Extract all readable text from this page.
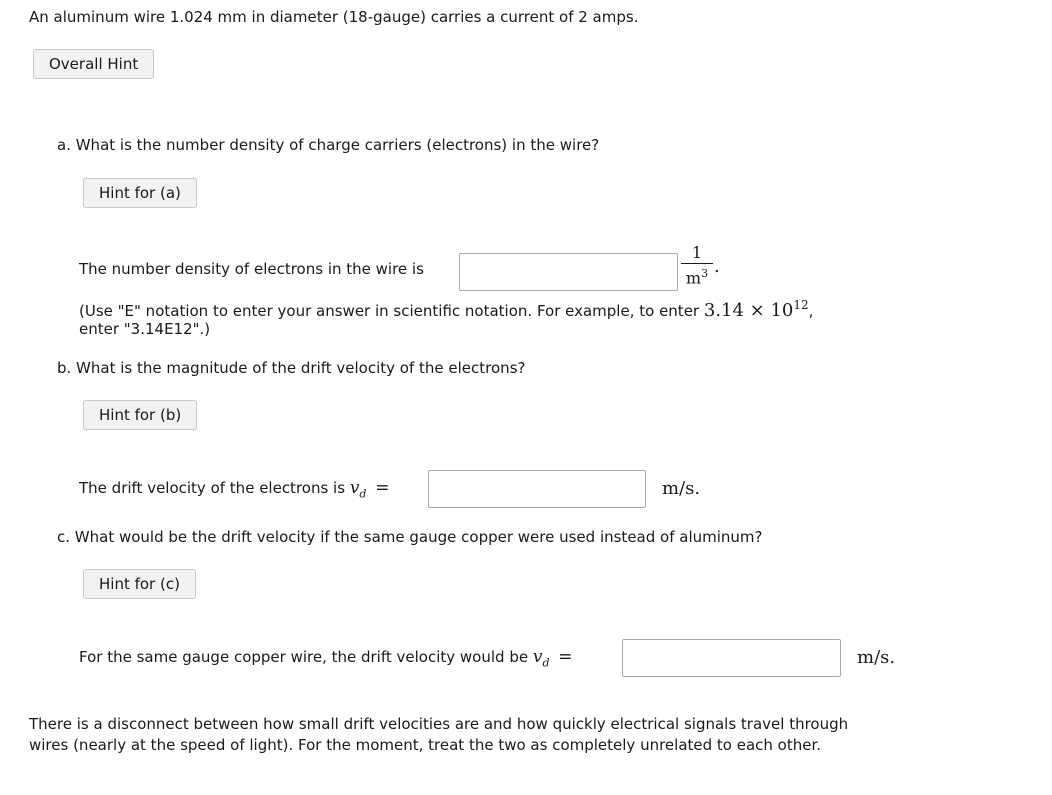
An aluminum wire 1.024 mm in diameter (18-gauge) carries a current of 2 amps.
Overall Hint
a. What is the number density of charge carriers (electrons) in the wire?
Hint for (a)
The number density of electrons in the wire is
1
$m^3$ .
(Use "E" notation to enter your answer in scientific notation. For example, to enter $3.14 \times 10^{12}$,
enter "3.14E12".)
b. What is the magnitude of the drift velocity of the electrons?
Hint for (b)
The drift velocity of the electrons is $v_d$ =	m/s.
c. What would be the drift velocity if the same gauge copper were used instead of aluminum?
Hint for (c)
For the same gauge copper wire, the drift velocity would be $v_d$ =	m/s.
There is a disconnect between how small drift velocities are and how quickly electrical signals travel through wires (nearly at the speed of light). For the moment, treat the two as completely unrelated to each other.
